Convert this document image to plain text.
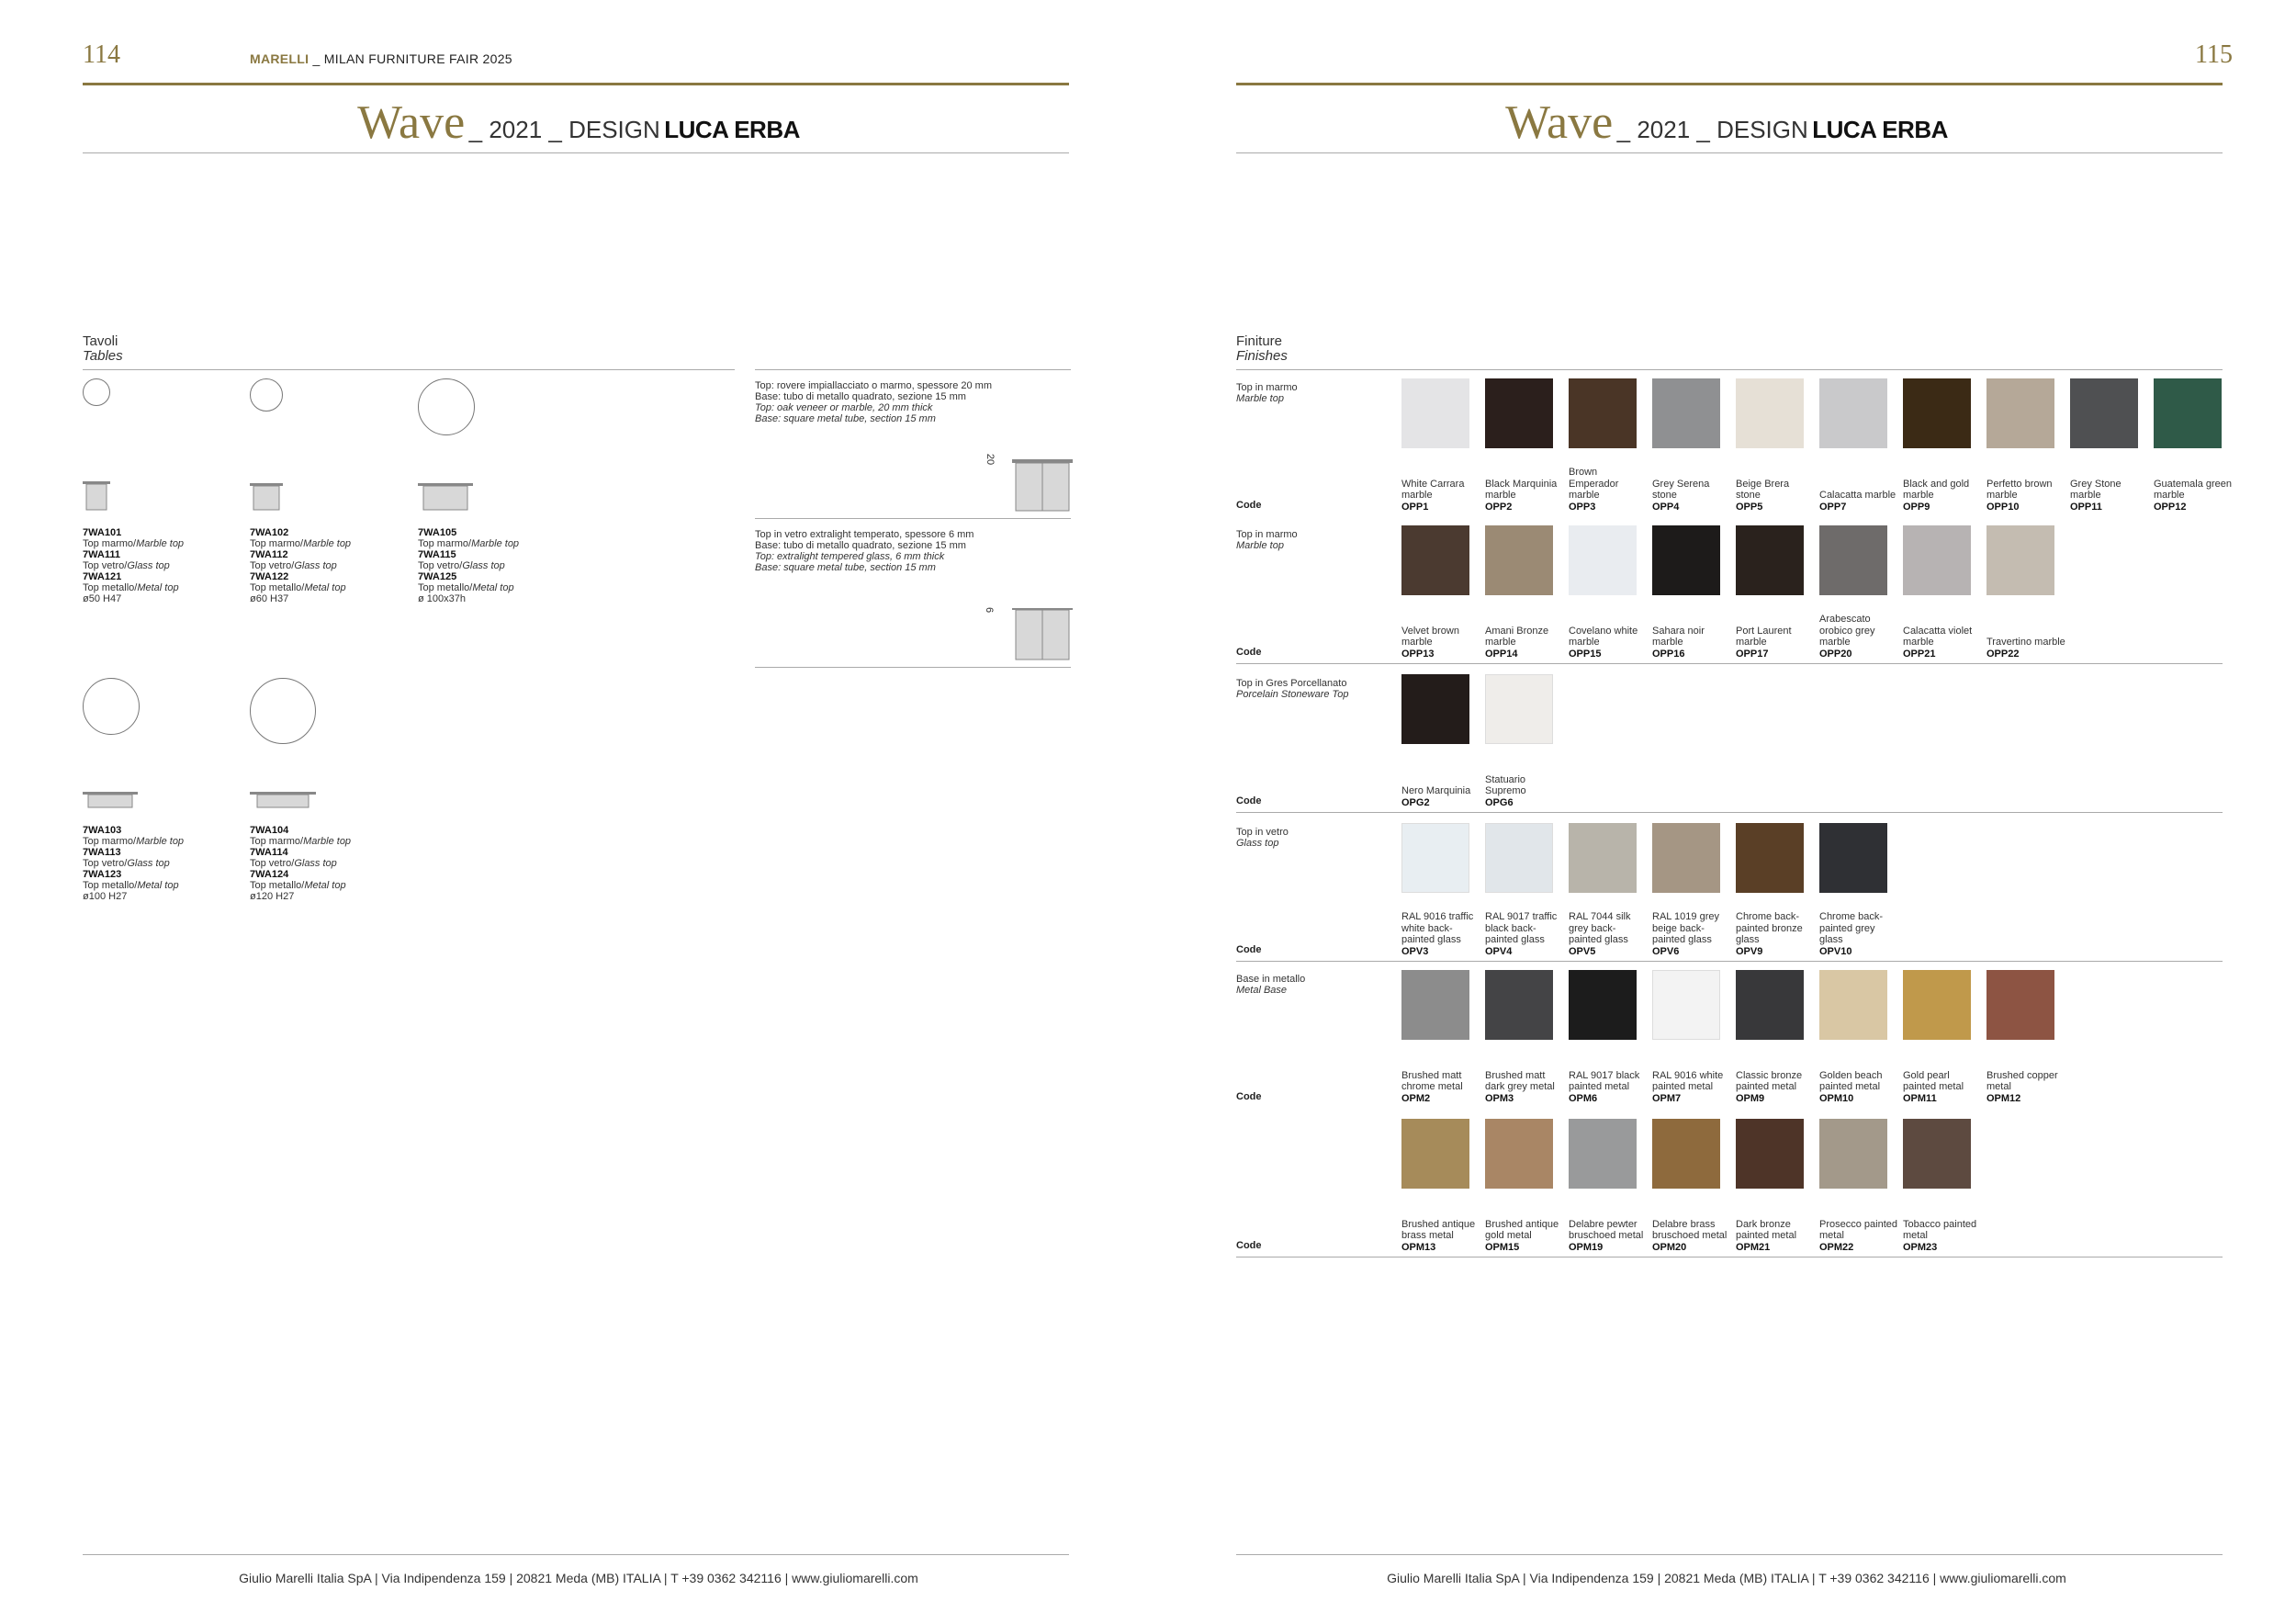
114	MARELLI _ MILAN FURNITURE FAIR 2025
Wave _ 2021 _ DESIGN LUCA ERBA
Tavoli
Tables
7WA101
Top marmo/Marble top
7WA111
Top vetro/Glass top
7WA121
Top metallo/Metal top
ø50 H47
7WA102
Top marmo/Marble top
7WA112
Top vetro/Glass top
7WA122
Top metallo/Metal top
ø60 H37
7WA105
Top marmo/Marble top
7WA115
Top vetro/Glass top
7WA125
Top metallo/Metal top
ø 100x37h
7WA103
Top marmo/Marble top
7WA113
Top vetro/Glass top
7WA123
Top metallo/Metal top
ø100 H27
7WA104
Top marmo/Marble top
7WA114
Top vetro/Glass top
7WA124
Top metallo/Metal top
ø120 H27
Top: rovere impiallacciato o marmo, spessore 20 mm
Base: tubo di metallo quadrato, sezione 15 mm
Top: oak veneer or marble, 20 mm thick
Base: square metal tube, section 15 mm
20
Top in vetro extralight temperato, spessore 6 mm
Base: tubo di metallo quadrato, sezione 15 mm
Top: extralight tempered glass, 6 mm thick
Base: square metal tube, section 15 mm
6
Giulio Marelli Italia SpA | Via Indipendenza 159 | 20821 Meda (MB) ITALIA | T +39 0362 342116 | www.giuliomarelli.com
115
Wave _ 2021 _ DESIGN LUCA ERBA
Finiture
Finishes
Top in marmo
Marble top
Code
White Carrara marble
OPP1
Black Marquinia marble
OPP2
Brown Emperador marble
OPP3
Grey Serena stone
OPP4
Beige Brera stone
OPP5
Calacatta marble
OPP7
Black and gold marble
OPP9
Perfetto brown marble
OPP10
Grey Stone marble
OPP11
Guatemala green marble
OPP12
Top in marmo
Marble top
Code
Velvet brown marble
OPP13
Amani Bronze marble
OPP14
Covelano white marble
OPP15
Sahara noir marble
OPP16
Port Laurent marble
OPP17
Arabescato orobico grey marble
OPP20
Calacatta violet marble
OPP21
Travertino marble
OPP22
Top in Gres Porcellanato
Porcelain Stoneware Top
Code
Nero Marquinia
OPG2
Statuario Supremo
OPG6
Top in vetro
Glass top
Code
RAL 9016 traffic white back-painted glass
OPV3
RAL 9017 traffic black back-painted glass
OPV4
RAL 7044 silk grey back-painted glass
OPV5
RAL 1019 grey beige back-painted glass
OPV6
Chrome back-painted bronze glass
OPV9
Chrome back-painted grey glass
OPV10
Base in metallo
Metal Base
Code
Brushed matt chrome metal
OPM2
Brushed matt dark grey metal
OPM3
RAL 9017 black painted metal
OPM6
RAL 9016 white painted metal
OPM7
Classic bronze painted metal
OPM9
Golden beach painted metal
OPM10
Gold pearl painted metal
OPM11
Brushed copper metal
OPM12
Code
Brushed antique brass metal
OPM13
Brushed antique gold metal
OPM15
Delabre pewter bruschoed metal
OPM19
Delabre brass bruschoed metal
OPM20
Dark bronze painted metal
OPM21
Prosecco painted metal
OPM22
Tobacco painted metal
OPM23
Giulio Marelli Italia SpA | Via Indipendenza 159 | 20821 Meda (MB) ITALIA | T +39 0362 342116 | www.giuliomarelli.com
